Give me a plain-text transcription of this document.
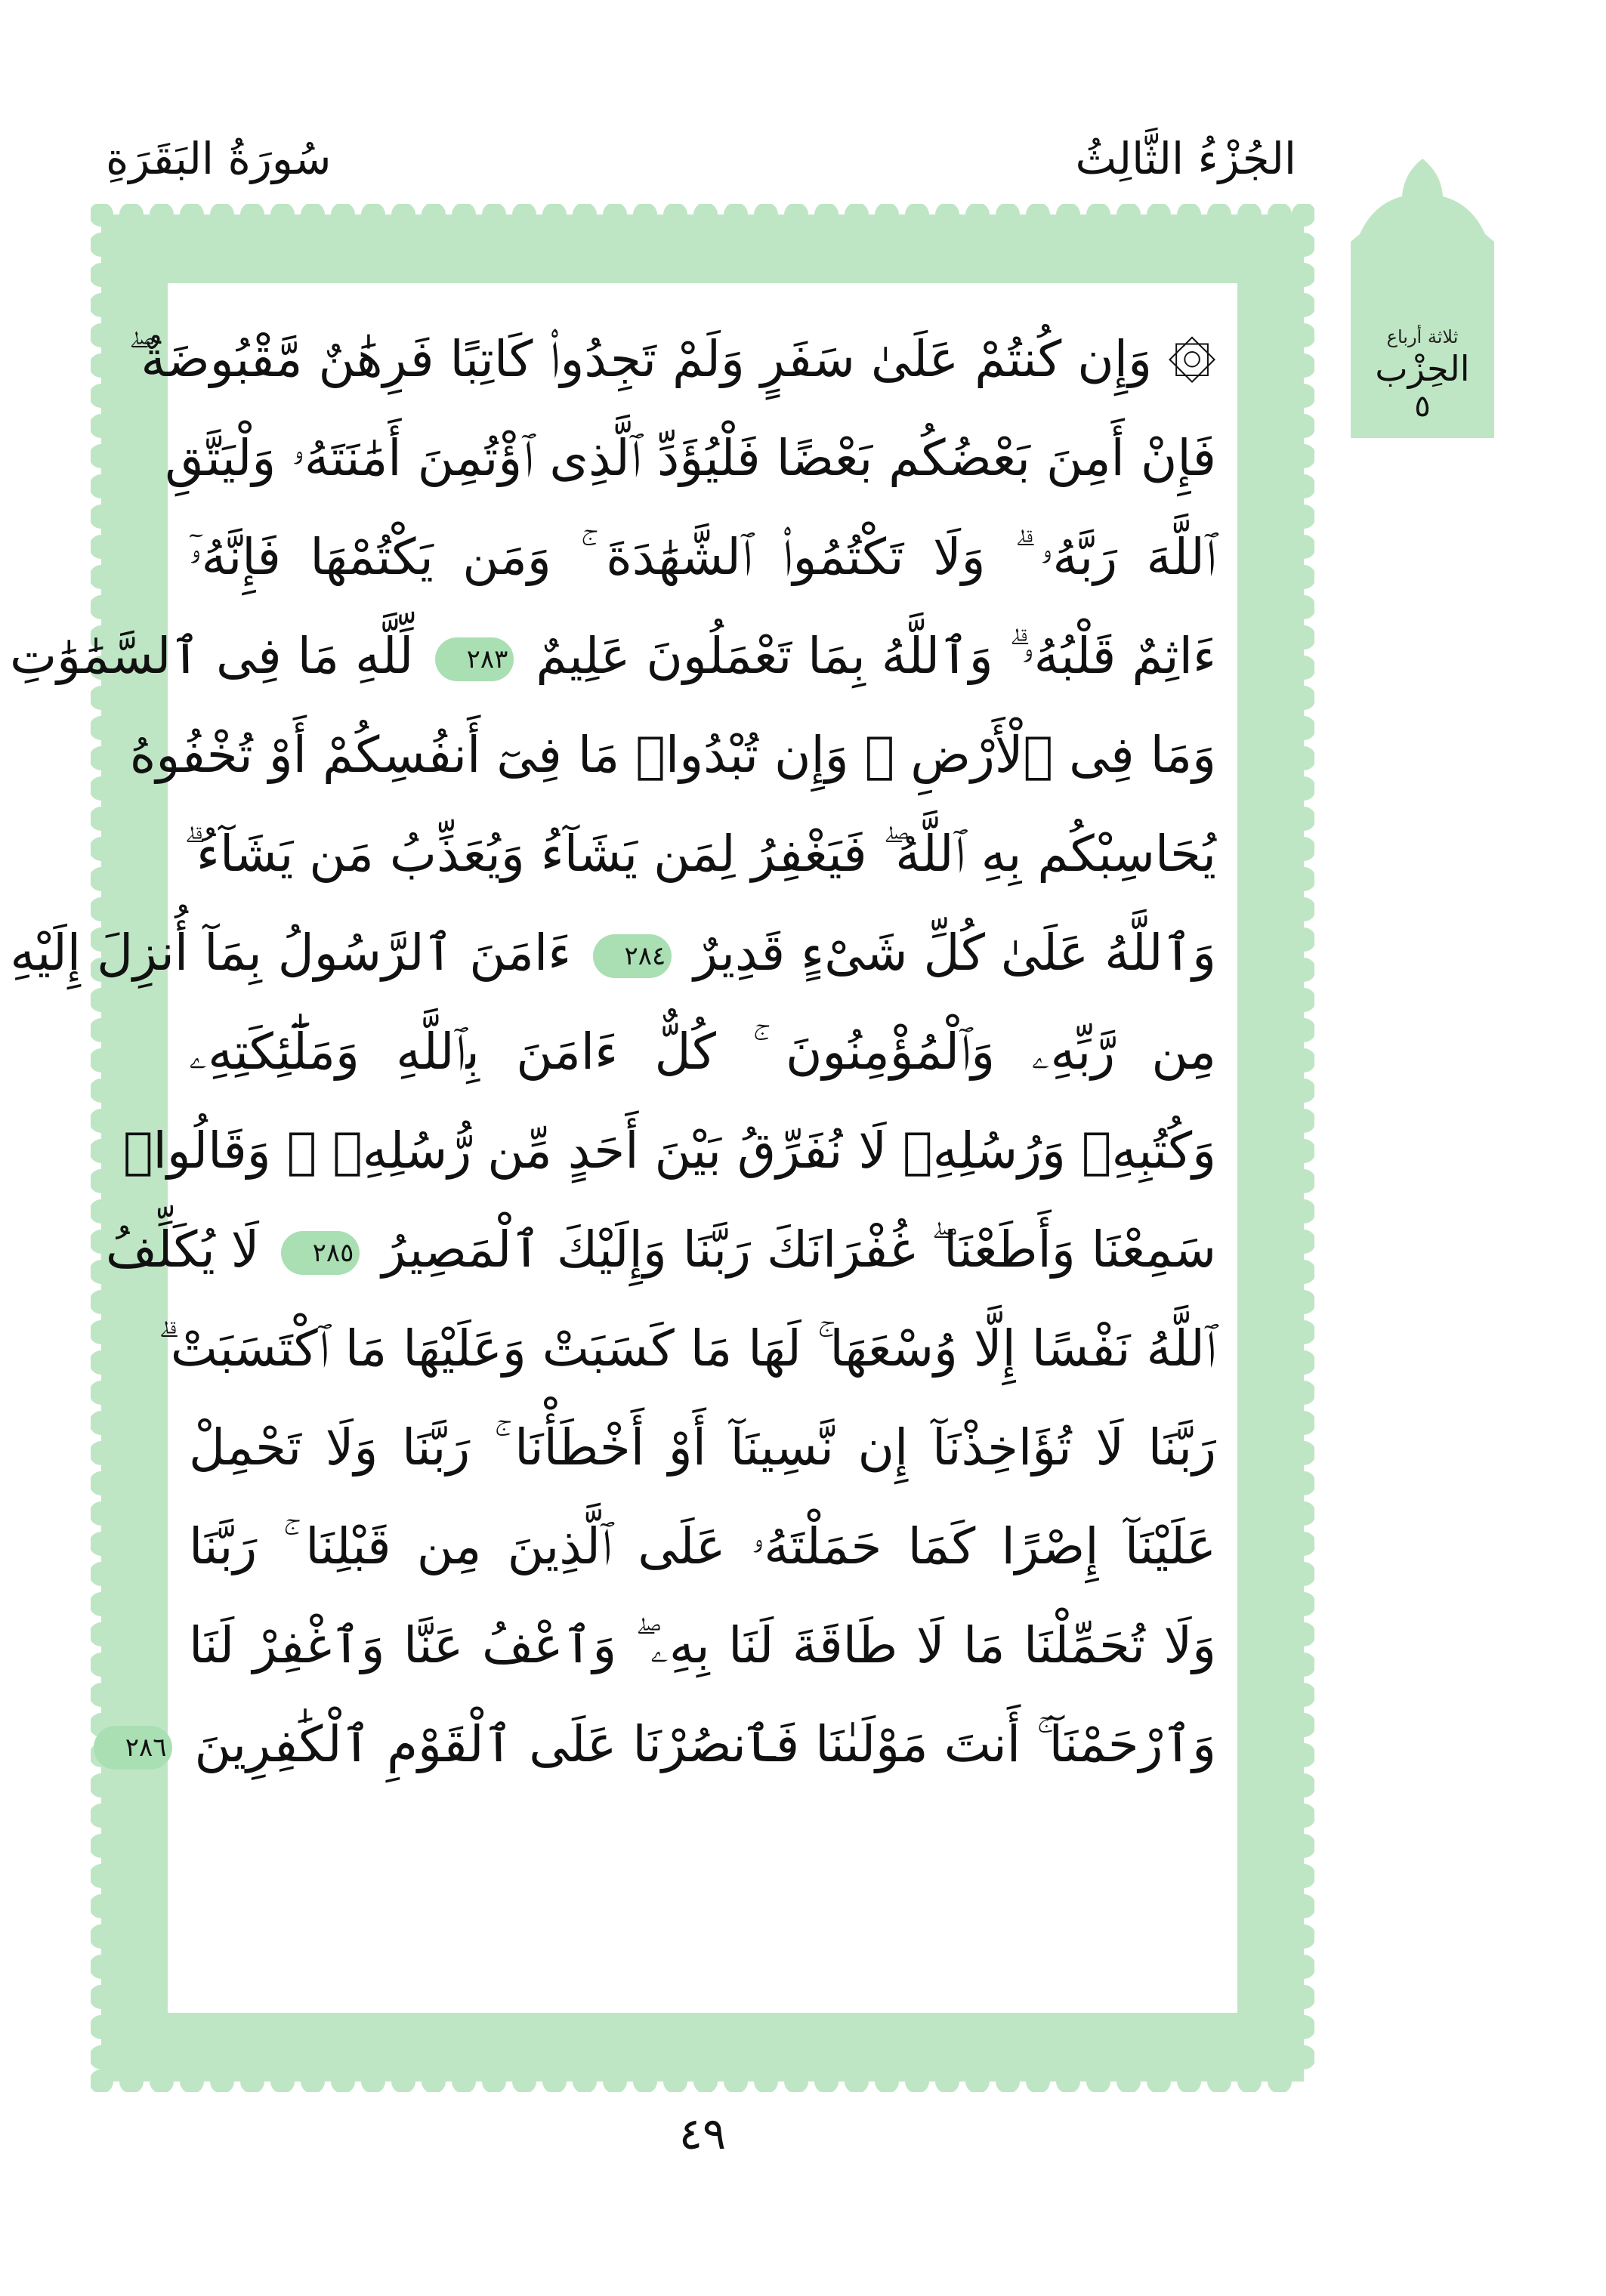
الجُزْءُ الثَّالِثُ
سُورَةُ البَقَرَةِ
ثلاثة أرباع
الحِزْب
٥
۞ وَإِن كُنتُمْ عَلَىٰ سَفَرٍ وَلَمْ تَجِدُوا۟ كَاتِبًا فَرِهَٰنٌ مَّقْبُوضَةٌ ۖ
فَإِنْ أَمِنَ بَعْضُكُم بَعْضًا فَلْيُؤَدِّ ٱلَّذِى ٱؤْتُمِنَ أَمَٰنَتَهُۥ وَلْيَتَّقِ
ٱللَّهَ رَبَّهُۥ ۗ وَلَا تَكْتُمُوا۟ ٱلشَّهَٰدَةَ ۚ وَمَن يَكْتُمْهَا فَإِنَّهُۥٓ
ءَاثِمٌ قَلْبُهُۥ ۗ وَٱللَّهُ بِمَا تَعْمَلُونَ عَلِيمٌ ٢٨٣ لِّلَّهِ مَا فِى ٱلسَّمَٰوَٰتِ
وَمَا فِى ٱلْأَرْضِ ۗ وَإِن تُبْدُوا۟ مَا فِىٓ أَنفُسِكُمْ أَوْ تُخْفُوهُ
يُحَاسِبْكُم بِهِ ٱللَّهُ ۖ فَيَغْفِرُ لِمَن يَشَآءُ وَيُعَذِّبُ مَن يَشَآءُ ۗ
وَٱللَّهُ عَلَىٰ كُلِّ شَىْءٍ قَدِيرٌ ٢٨٤ ءَامَنَ ٱلرَّسُولُ بِمَآ أُنزِلَ إِلَيْهِ
مِن رَّبِّهِۦ وَٱلْمُؤْمِنُونَ ۚ كُلٌّ ءَامَنَ بِٱللَّهِ وَمَلَٰٓئِكَتِهِۦ
وَكُتُبِهِۦ وَرُسُلِهِۦ لَا نُفَرِّقُ بَيْنَ أَحَدٍ مِّن رُّسُلِهِۦ ۚ وَقَالُوا۟
سَمِعْنَا وَأَطَعْنَا ۖ غُفْرَانَكَ رَبَّنَا وَإِلَيْكَ ٱلْمَصِيرُ ٢٨٥ لَا يُكَلِّفُ
ٱللَّهُ نَفْسًا إِلَّا وُسْعَهَا ۚ لَهَا مَا كَسَبَتْ وَعَلَيْهَا مَا ٱكْتَسَبَتْ ۗ
رَبَّنَا لَا تُؤَاخِذْنَآ إِن نَّسِينَآ أَوْ أَخْطَأْنَا ۚ رَبَّنَا وَلَا تَحْمِلْ
عَلَيْنَآ إِصْرًا كَمَا حَمَلْتَهُۥ عَلَى ٱلَّذِينَ مِن قَبْلِنَا ۚ رَبَّنَا
وَلَا تُحَمِّلْنَا مَا لَا طَاقَةَ لَنَا بِهِۦ ۖ وَٱعْفُ عَنَّا وَٱغْفِرْ لَنَا
وَٱرْحَمْنَآ ۚ أَنتَ مَوْلَىٰنَا فَٱنصُرْنَا عَلَى ٱلْقَوْمِ ٱلْكَٰفِرِينَ ٢٨٦
٤٩
